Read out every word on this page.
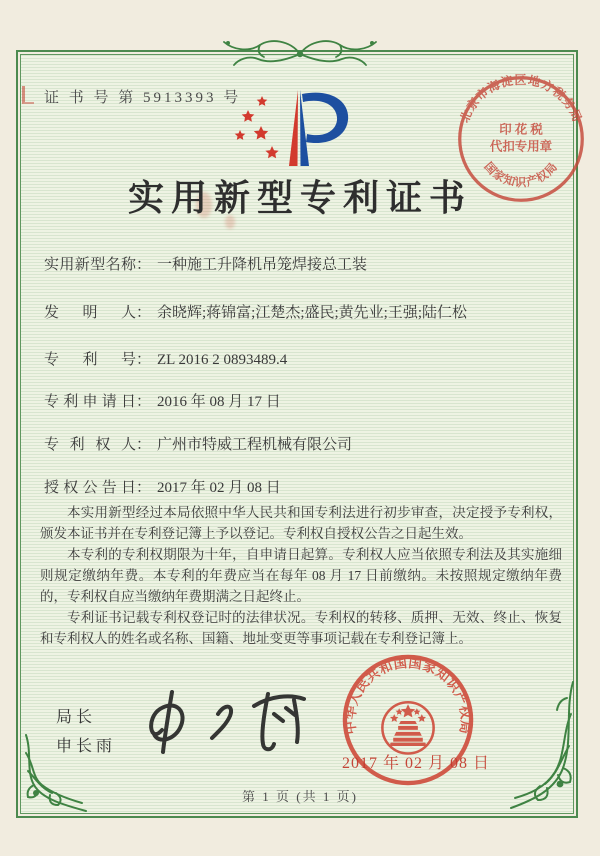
证 书 号 第 5913393 号
北京市海淀区地方税务局
国家知识产权局
印 花 税
代扣专用章
实用新型专利证书
实用新型名称： 一种施工升降机吊笼焊接总工装
发明人： 余晓辉;蒋锦富;江楚杰;盛民;黄先业;王强;陆仁松
专利号： ZL 2016 2 0893489.4
专利申请日： 2016 年 08 月 17 日
专利权人： 广州市特威工程机械有限公司
授权公告日： 2017 年 02 月 08 日

本实用新型经过本局依照中华人民共和国专利法进行初步审查，决定授予专利权，颁发本证书并在专利登记簿上予以登记。专利权自授权公告之日起生效。

本专利的专利权期限为十年，自申请日起算。专利权人应当依照专利法及其实施细则规定缴纳年费。本专利的年费应当在每年 08 月 17 日前缴纳。未按照规定缴纳年费的，专利权自应当缴纳年费期满之日起终止。

专利证书记载专利权登记时的法律状况。专利权的转移、质押、无效、终止、恢复和专利权人的姓名或名称、国籍、地址变更等事项记载在专利登记簿上。

局长
申长雨
中华人民共和国国家知识产权局
2017 年 02 月 08 日
第 1 页 (共 1 页)
